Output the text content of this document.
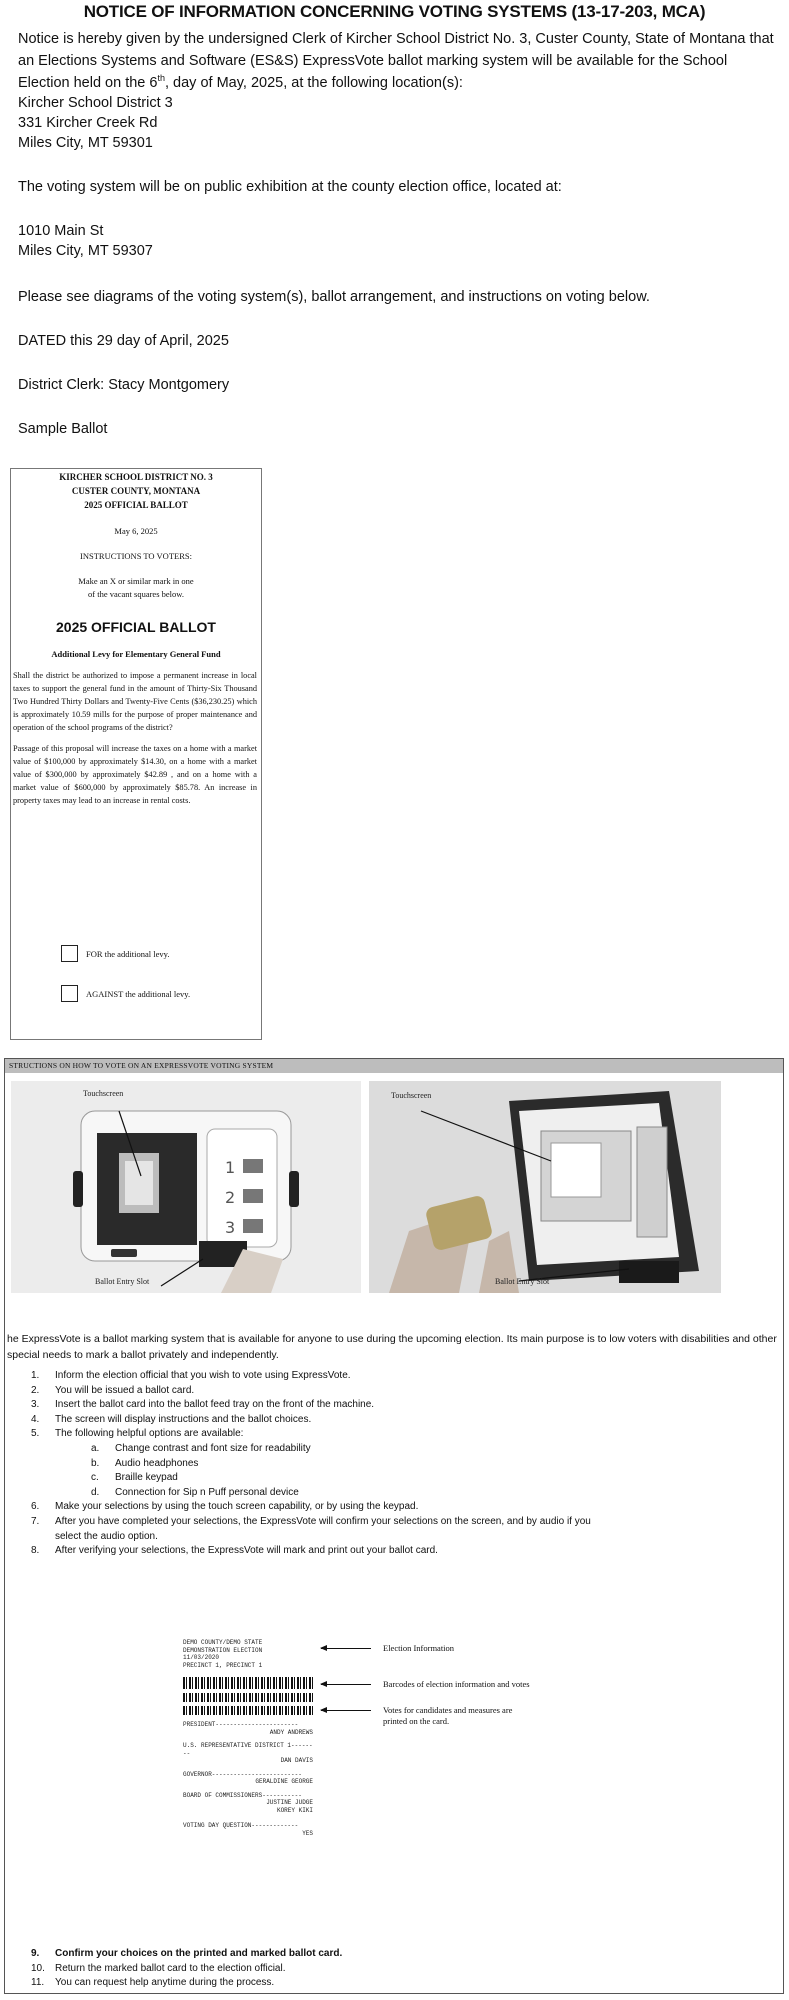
NOTICE OF INFORMATION CONCERNING VOTING SYSTEMS (13-17-203, MCA)
Notice is hereby given by the undersigned Clerk of Kircher School District No. 3, Custer County, State of Montana that an Elections Systems and Software (ES&S) ExpressVote ballot marking system will be available for the School Election held on the 6th, day of May, 2025, at the following location(s):
Kircher School District 3
331 Kircher Creek Rd
Miles City, MT 59301
The voting system will be on public exhibition at the county election office, located at:
1010 Main St
Miles City, MT 59307
Please see diagrams of the voting system(s), ballot arrangement, and instructions on voting below.
DATED this 29 day of April, 2025
District Clerk: Stacy Montgomery
Sample Ballot
KIRCHER SCHOOL DISTRICT NO. 3
CUSTER COUNTY, MONTANA
2025 OFFICIAL BALLOT
May 6, 2025
INSTRUCTIONS TO VOTERS:
Make an X or similar mark in one
of the vacant squares below.
2025 OFFICIAL BALLOT
Additional Levy for Elementary General Fund
Shall the district be authorized to impose a permanent increase in local taxes to support the general fund in the amount of Thirty-Six Thousand Two Hundred Thirty Dollars and Twenty-Five Cents ($36,230.25) which is approximately 10.59 mills for the purpose of proper maintenance and operation of the school programs of the district?
Passage of this proposal will increase the taxes on a home with a market value of $100,000 by approximately $14.30, on a home with a market value of $300,000 by approximately $42.89 , and on a home with a market value of $600,000 by approximately $85.78. An increase in property taxes may lead to an increase in rental costs.
FOR the additional levy.
AGAINST the additional levy.
STRUCTIONS ON HOW TO VOTE ON AN EXPRESSVOTE VOTING SYSTEM
1
2
3
Touchscreen
Ballot Entry Slot
Touchscreen
Ballot Entry Slot
he ExpressVote is a ballot marking system that is available for anyone to use during the upcoming election. Its main purpose is to low voters with disabilities and other special needs to mark a ballot privately and independently.
1.	Inform the election official that you wish to vote using ExpressVote.
2.	You will be issued a ballot card.
3.	Insert the ballot card into the ballot feed tray on the front of the machine.
4.	The screen will display instructions and the ballot choices.
5.	The following helpful options are available:
a.	Change contrast and font size for readability
b.	Audio headphones
c.	Braille keypad
d.	Connection for Sip n Puff personal device
6.	Make your selections by using the touch screen capability, or by using the keypad.
7.	After you have completed your selections, the ExpressVote will confirm your selections on the screen, and by audio if you
select the audio option.
8.	After verifying your selections, the ExpressVote will mark and print out your ballot card.
DEMO COUNTY/DEMO STATE
DEMONSTRATION ELECTION
11/03/2020
PRECINCT 1, PRECINCT 1
PRESIDENT-----------------------
ANDY ANDREWS
U.S. REPRESENTATIVE DISTRICT 1--------
DAN DAVIS
GOVERNOR-------------------------
GERALDINE GEORGE
BOARD OF COMMISSIONERS-----------
JUSTINE JUDGE
KOREY KIKI
VOTING DAY QUESTION-------------
YES
Election Information
Barcodes of election information and votes
Votes for candidates and measures are
printed on the card.
9.	Confirm your choices on the printed and marked ballot card.
10.	Return the marked ballot card to the election official.
11.	You can request help anytime during the process.
